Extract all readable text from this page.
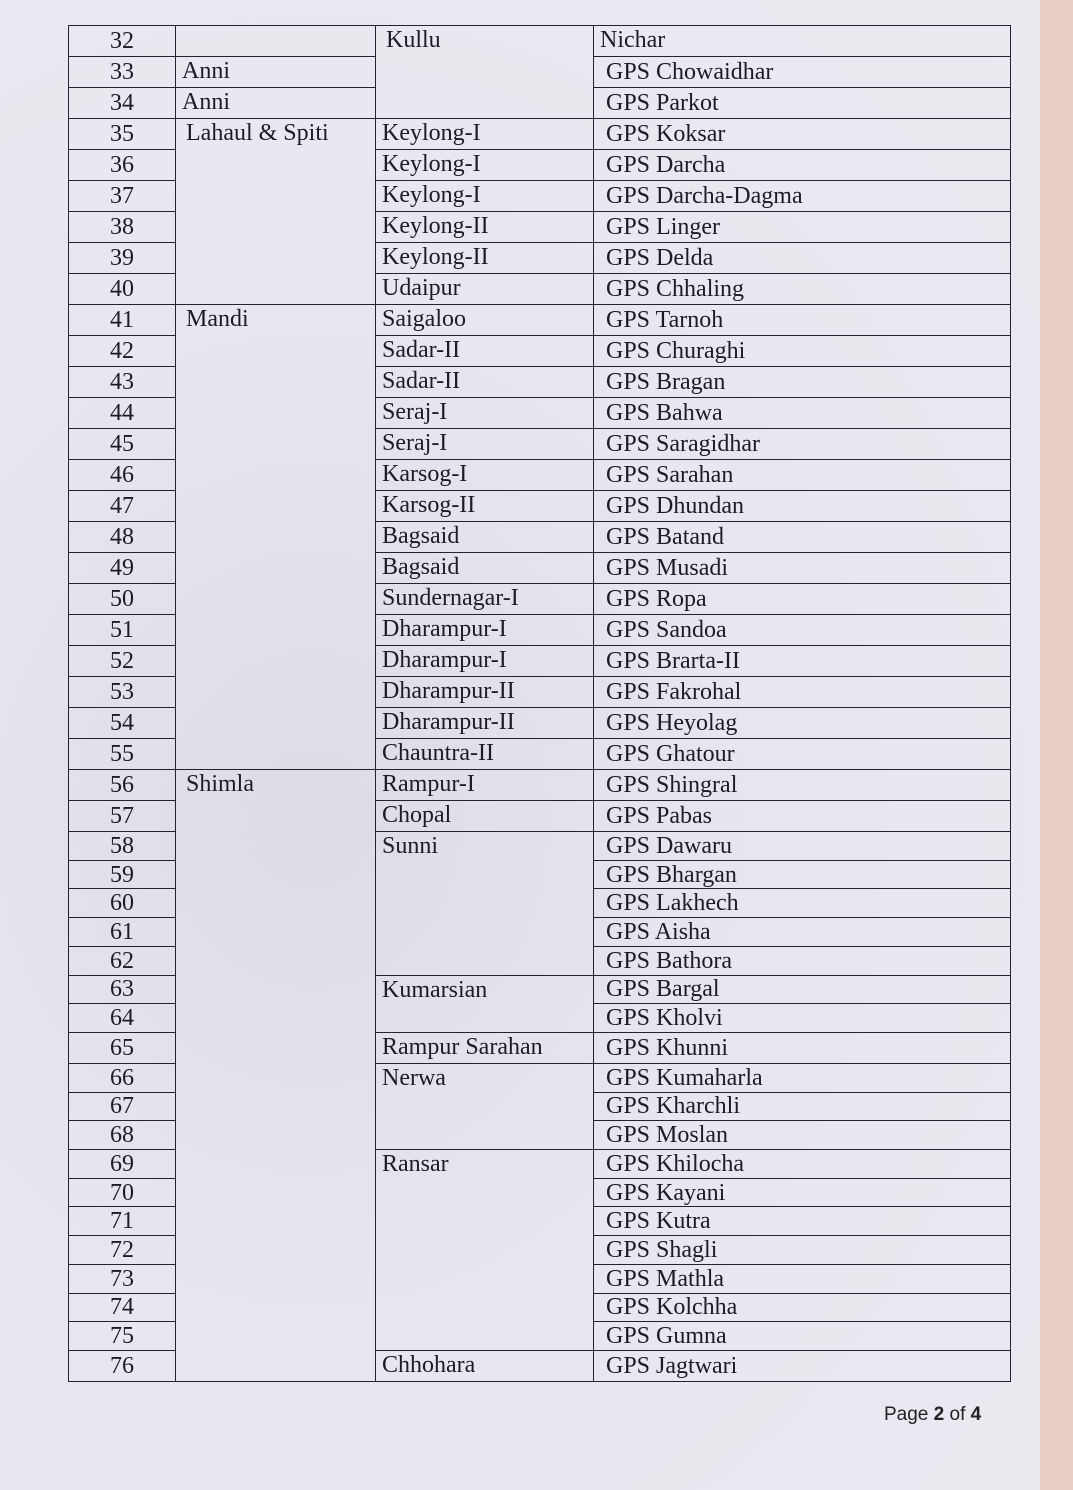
32		Kullu	Nichar	
33	Anni		GPS Chowaidhar	
34	Anni		GPS Parkot	
35	Lahaul & Spiti	Keylong-I	GPS Koksar	
36		Keylong-I	GPS Darcha	
37		Keylong-I	GPS Darcha-Dagma	
38		Keylong-II	GPS Linger	
39		Keylong-II	GPS Delda	
40		Udaipur	GPS Chhaling	
41	Mandi	Saigaloo	GPS Tarnoh	
42		Sadar-II	GPS Churaghi	
43		Sadar-II	GPS Bragan	
44		Seraj-I	GPS Bahwa	
45		Seraj-I	GPS Saragidhar	
46		Karsog-I	GPS Sarahan	
47		Karsog-II	GPS Dhundan	
48		Bagsaid	GPS Batand	
49		Bagsaid	GPS Musadi	
50		Sundernagar-I	GPS Ropa	
51		Dharampur-I	GPS Sandoa	
52		Dharampur-I	GPS Brarta-II	
53		Dharampur-II	GPS Fakrohal	
54		Dharampur-II	GPS Heyolag	
55		Chauntra-II	GPS Ghatour	
56	Shimla	Rampur-I	GPS Shingral	
57		Chopal	GPS Pabas	
58		Sunni	GPS Dawaru	
59			GPS Bhargan	
60			GPS Lakhech	
61			GPS Aisha	
62			GPS Bathora	
63		Kumarsian	GPS Bargal	
64			GPS Kholvi	
65		Rampur Sarahan	GPS Khunni	
66		Nerwa	GPS Kumaharla	
67			GPS Kharchli	
68			GPS Moslan	
69		Ransar	GPS Khilocha	
70			GPS Kayani	
71			GPS Kutra	
72			GPS Shagli	
73			GPS Mathla	
74			GPS Kolchha	
75			GPS Gumna	
76		Chhohara	GPS Jagtwari	
Page 2 of 4
